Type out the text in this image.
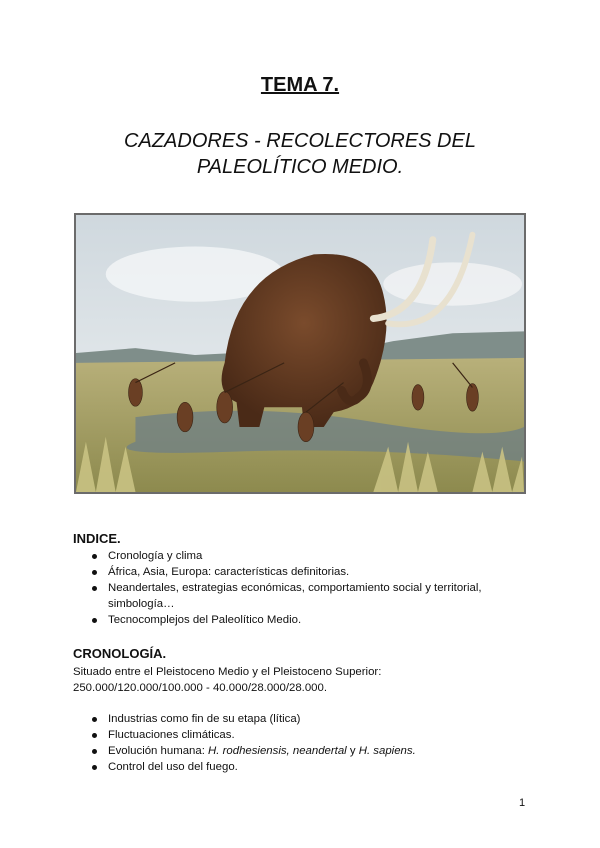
TEMA 7.
CAZADORES - RECOLECTORES DEL
PALEOLÍTICO MEDIO.
INDICE.
Cronología y clima
África, Asia, Europa: características definitorias.
Neandertales, estrategias económicas, comportamiento social y territorial, simbología…
Tecnocomplejos del Paleolítico Medio.
CRONOLOGÍA.
Situado entre el Pleistoceno Medio y el Pleistoceno Superior:
250.000/120.000/100.000 - 40.000/28.000/28.000.
Industrias como fin de su etapa (lítica)
Fluctuaciones climáticas.
Evolución humana: H. rodhesiensis, neandertal y H. sapiens.
Control del uso del fuego.
1
